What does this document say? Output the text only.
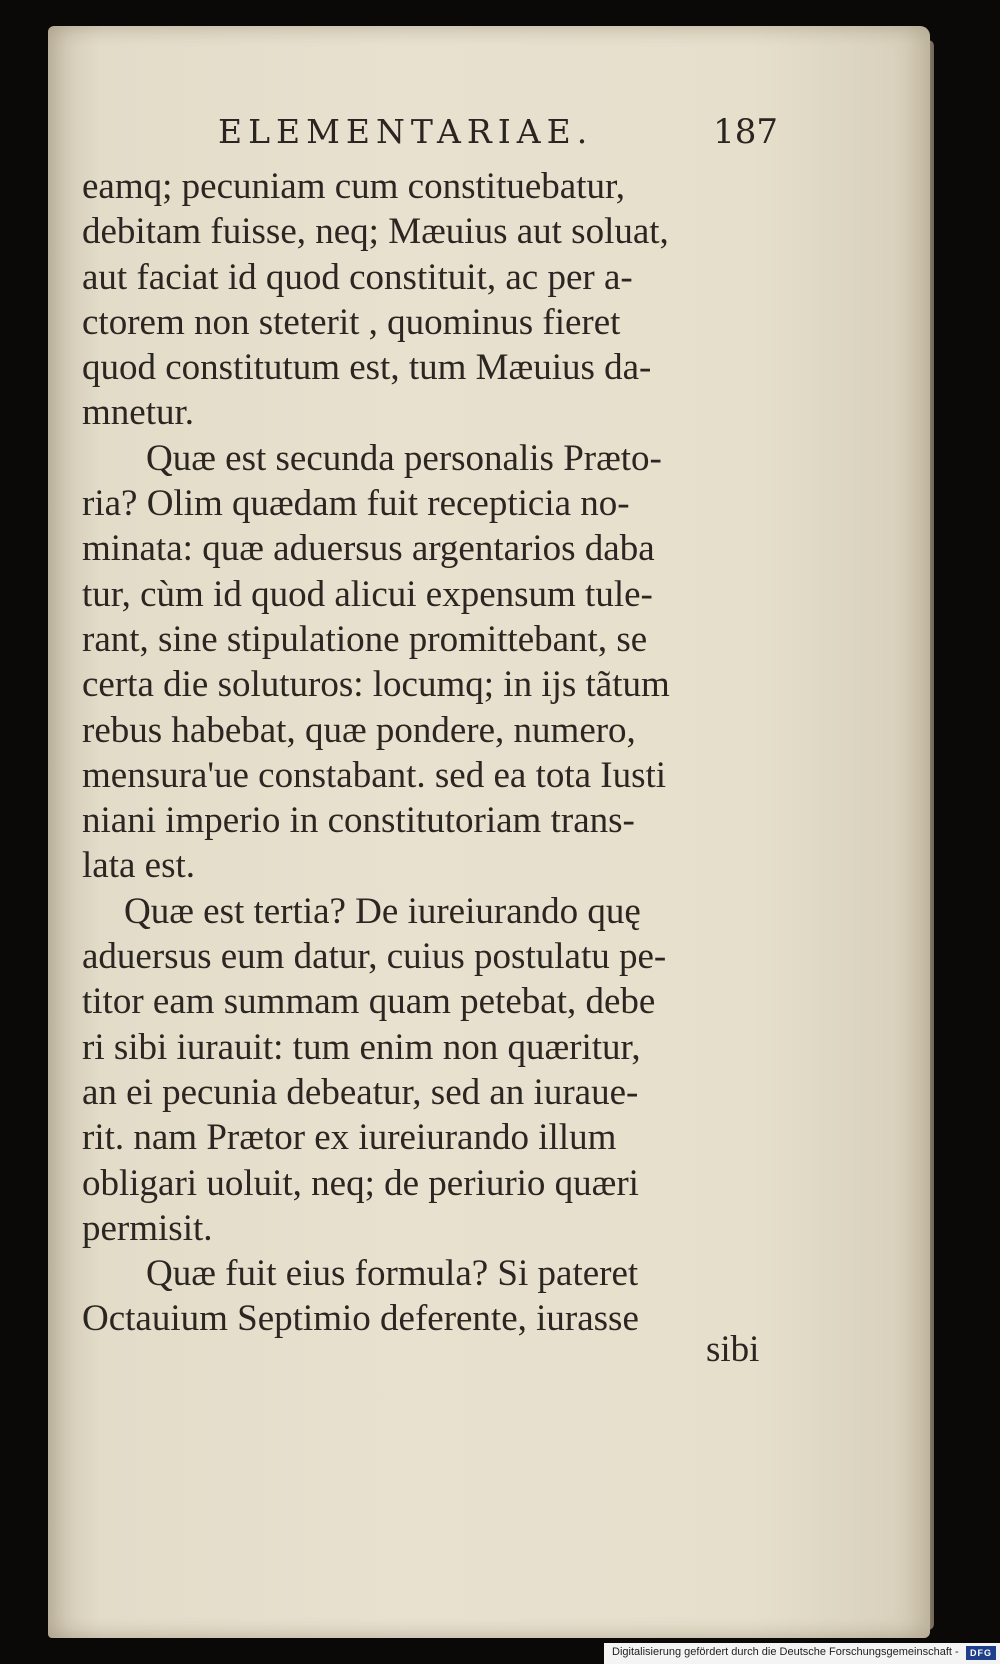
ELEMENTARIAE.	187
eamq; pecuniam cum constituebatur,
debitam fuisse, neq; Mæuius aut soluat,
aut faciat id quod constituit, ac per a-
ctorem non steterit , quominus fieret
quod constitutum est, tum Mæuius da-
mnetur.
Quæ est secunda personalis Præto-
ria? Olim quædam fuit recepticia no-
minata: quæ aduersus argentarios daba
tur, cùm id quod alicui expensum tule-
rant, sine stipulatione promittebant, se
certa die soluturos: locumq; in ijs tãtum
rebus habebat, quæ pondere, numero,
mensura'ue constabant. sed ea tota Iusti
niani imperio in constitutoriam trans-
lata est.
Quæ est tertia? De iureiurando quę
aduersus eum datur, cuius postulatu pe-
titor eam summam quam petebat, debe
ri sibi iurauit: tum enim non quæritur,
an ei pecunia debeatur, sed an iuraue-
rit. nam Prætor ex iureiurando illum
obligari uoluit, neq; de periurio quæri
permisit.
Quæ fuit eius formula? Si pateret
Octauium Septimio deferente, iurasse
sibi
Digitalisierung gefördert durch die Deutsche Forschungsgemeinschaft -	DFG
